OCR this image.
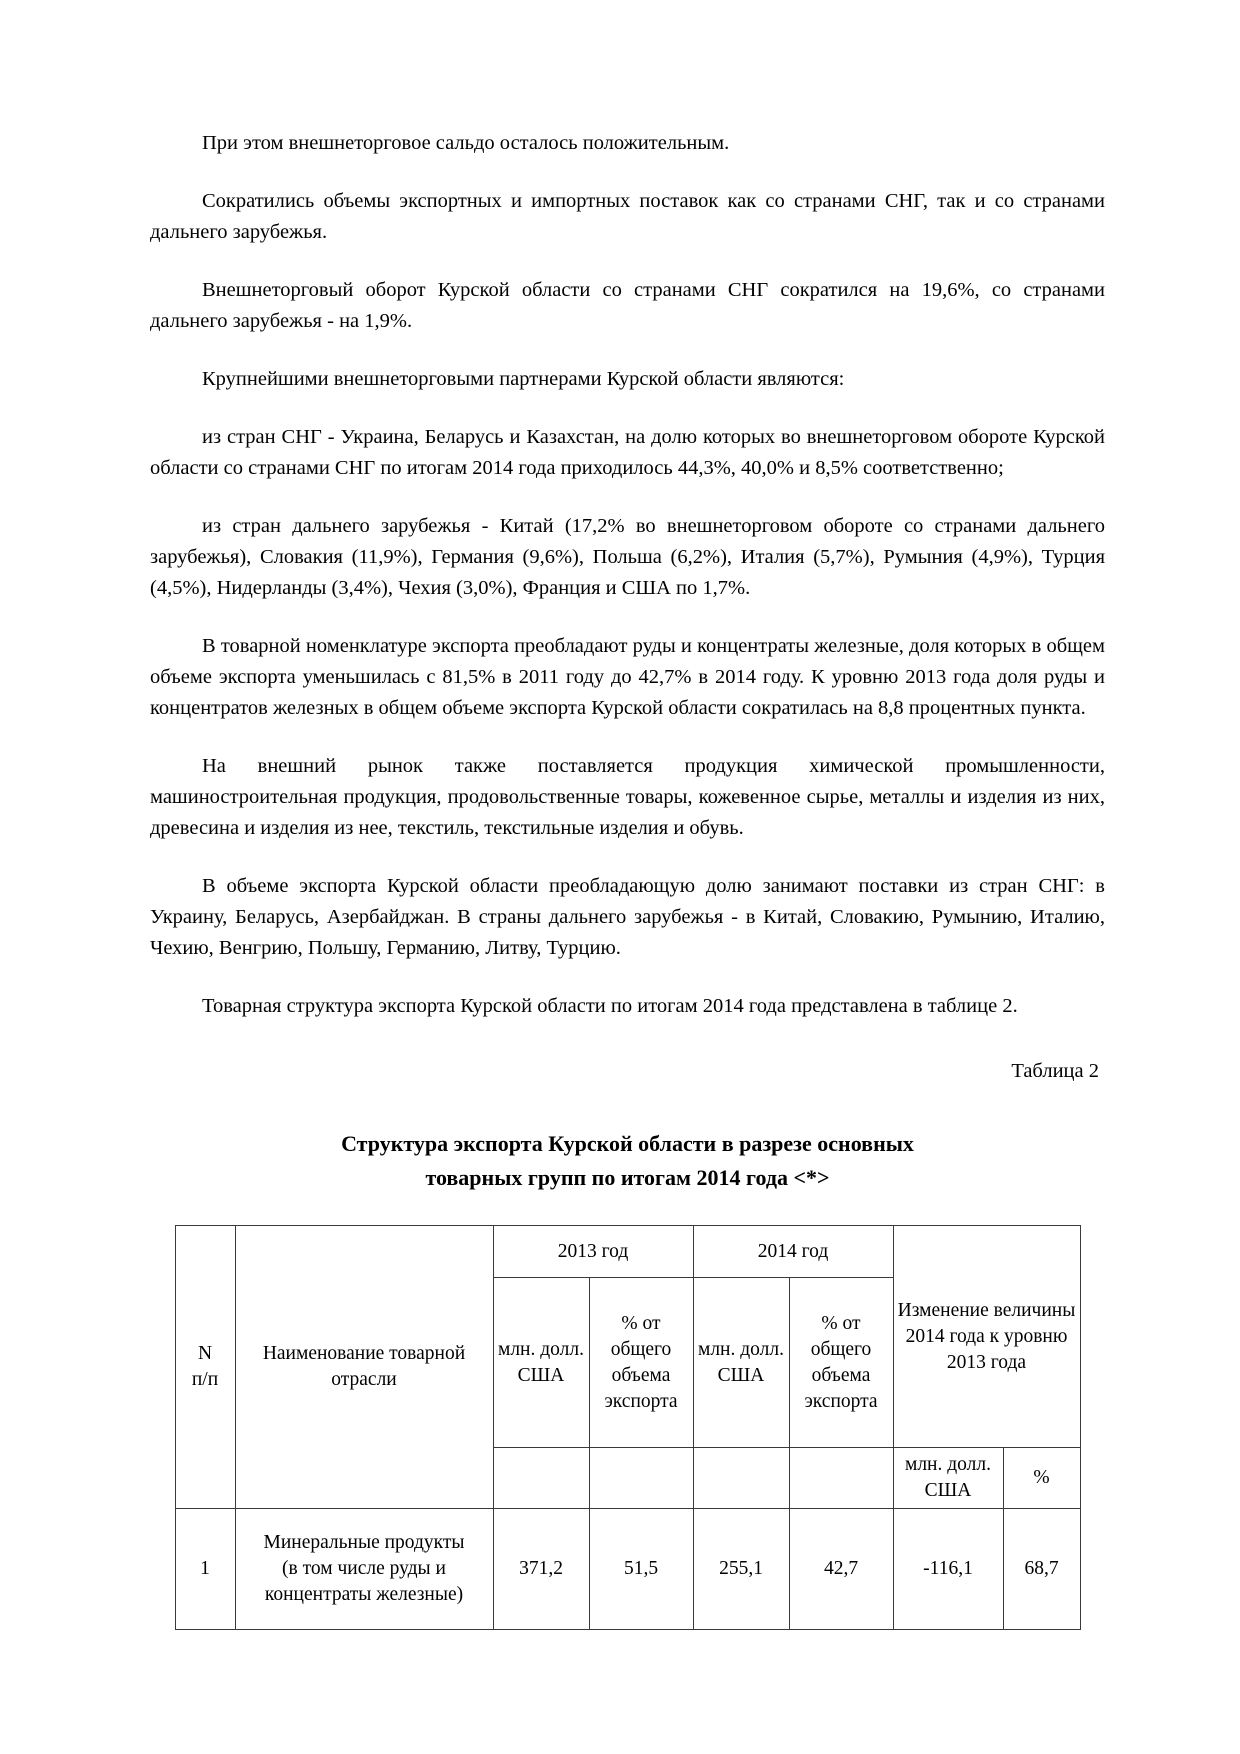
При этом внешнеторговое сальдо осталось положительным.

Сократились объемы экспортных и импортных поставок как со странами СНГ, так и со странами дальнего зарубежья.

Внешнеторговый оборот Курской области со странами СНГ сократился на 19,6%, со странами дальнего зарубежья - на 1,9%.

Крупнейшими внешнеторговыми партнерами Курской области являются:

из стран СНГ - Украина, Беларусь и Казахстан, на долю которых во внешнеторговом обороте Курской области со странами СНГ по итогам 2014 года приходилось 44,3%, 40,0% и 8,5% соответственно;

из стран дальнего зарубежья - Китай (17,2% во внешнеторговом обороте со странами дальнего зарубежья), Словакия (11,9%), Германия (9,6%), Польша (6,2%), Италия (5,7%), Румыния (4,9%), Турция (4,5%), Нидерланды (3,4%), Чехия (3,0%), Франция и США по 1,7%.

В товарной номенклатуре экспорта преобладают руды и концентраты железные, доля которых в общем объеме экспорта уменьшилась с 81,5% в 2011 году до 42,7% в 2014 году. К уровню 2013 года доля руды и концентратов железных в общем объеме экспорта Курской области сократилась на 8,8 процентных пункта.

На внешний рынок также поставляется продукция химической промышленности, машиностроительная продукция, продовольственные товары, кожевенное сырье, металлы и изделия из них, древесина и изделия из нее, текстиль, текстильные изделия и обувь.

В объеме экспорта Курской области преобладающую долю занимают поставки из стран СНГ: в Украину, Беларусь, Азербайджан. В страны дальнего зарубежья - в Китай, Словакию, Румынию, Италию, Чехию, Венгрию, Польшу, Германию, Литву, Турцию.

Товарная структура экспорта Курской области по итогам 2014 года представлена в таблице 2.

Таблица 2

Структура экспорта Курской области в разрезе основных
товарных групп по итогам 2014 года <*>
N
п/п	Наименование товарной отрасли	2013 год		2014 год		Изменение величины 2014 года к уровню 2013 года	
		млн. долл. США	% от общего объема экспорта	млн. долл. США	% от общего объема экспорта		
						млн. долл. США	%
1	Минеральные продукты
(в том числе руды и
концентраты железные)	371,2	51,5	255,1	42,7	-116,1	68,7
